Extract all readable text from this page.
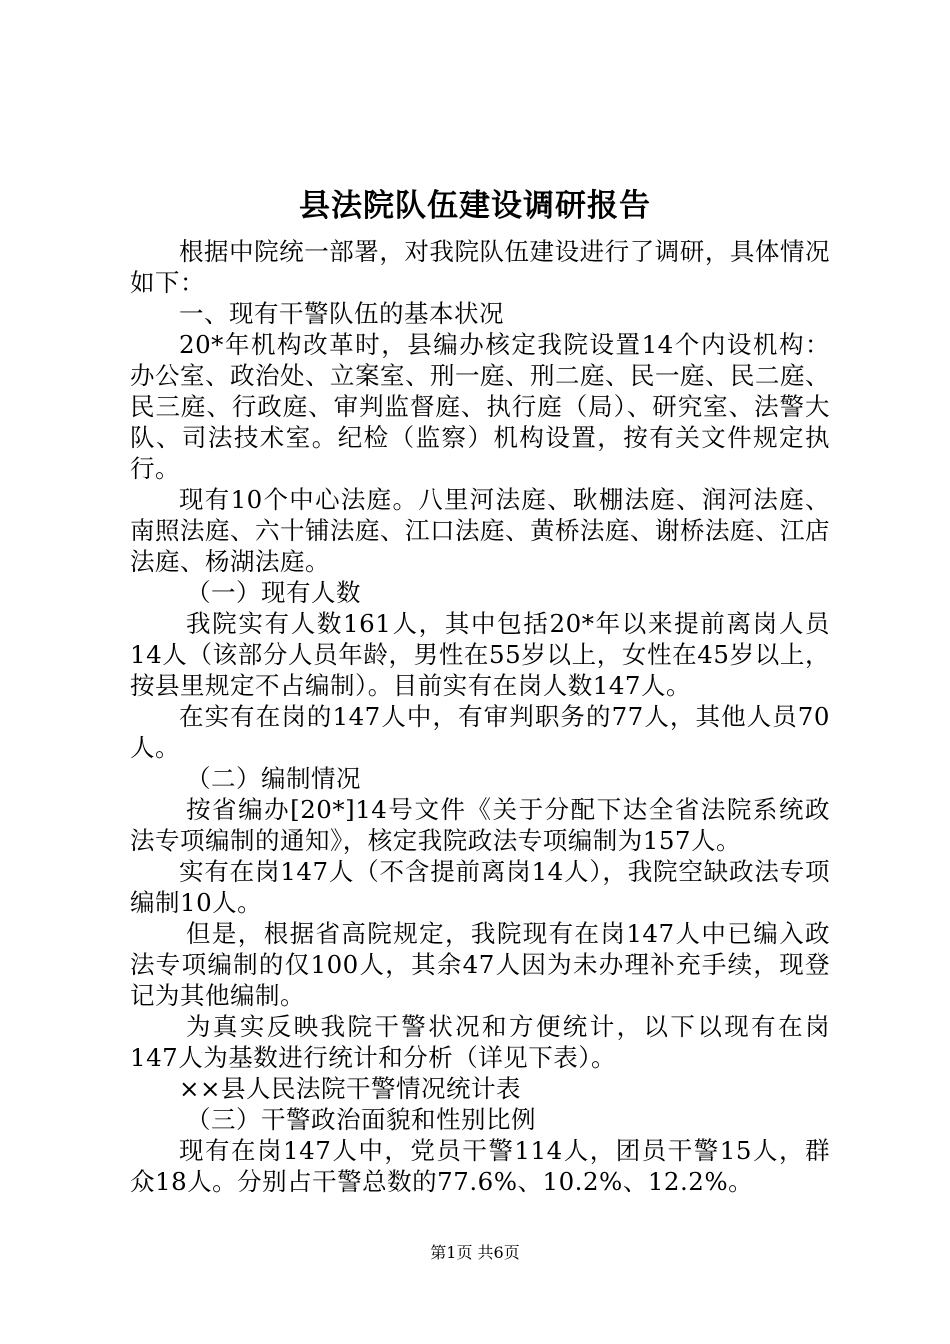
县法院队伍建设调研报告

根据中院统一部署，对我院队伍建设进行了调研，具体情况如下：

一、现有干警队伍的基本状况

20*年机构改革时，县编办核定我院设置14个内设机构：办公室、政治处、立案室、刑一庭、刑二庭、民一庭、民二庭、民三庭、行政庭、审判监督庭、执行庭（局）、研究室、法警大队、司法技术室。纪检（监察）机构设置，按有关文件规定执行。

现有10个中心法庭。八里河法庭、耿棚法庭、润河法庭、南照法庭、六十铺法庭、江口法庭、黄桥法庭、谢桥法庭、江店法庭、杨湖法庭。

（一）现有人数

我院实有人数161人，其中包括20*年以来提前离岗人员14人（该部分人员年龄，男性在55岁以上，女性在45岁以上，按县里规定不占编制）。目前实有在岗人数147人。

在实有在岗的147人中，有审判职务的77人，其他人员70人。

（二）编制情况

按省编办[20*]14号文件《关于分配下达全省法院系统政法专项编制的通知》，核定我院政法专项编制为157人。

实有在岗147人（不含提前离岗14人），我院空缺政法专项编制10人。

但是，根据省高院规定，我院现有在岗147人中已编入政法专项编制的仅100人，其余47人因为未办理补充手续，现登记为其他编制。

为真实反映我院干警状况和方便统计，以下以现有在岗147人为基数进行统计和分析（详见下表）。

××县人民法院干警情况统计表

（三）干警政治面貌和性别比例

现有在岗147人中，党员干警114人，团员干警15人，群众18人。分别占干警总数的77.6%、10.2%、12.2%。

第1页 共6页
